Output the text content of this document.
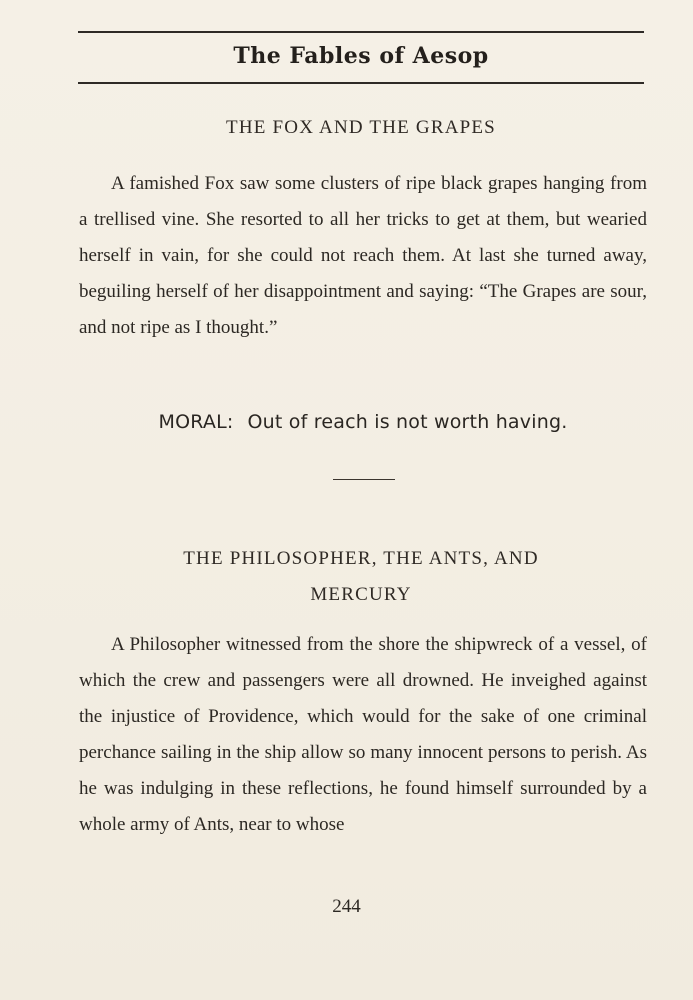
The Fables of Aesop
THE FOX AND THE GRAPES

A famished Fox saw some clusters of ripe black grapes hanging from a trellised vine. She resorted to all her tricks to get at them, but wearied herself in vain, for she could not reach them. At last she turned away, beguiling herself of her disappointment and saying: “The Grapes are sour, and not ripe as I thought.”

MORAL: Out of reach is not worth having.
THE PHILOSOPHER, THE ANTS, AND MERCURY

A Philosopher witnessed from the shore the shipwreck of a vessel, of which the crew and passengers were all drowned. He inveighed against the injustice of Providence, which would for the sake of one criminal perchance sailing in the ship allow so many innocent persons to perish. As he was indulging in these reflections, he found himself surrounded by a whole army of Ants, near to whose

244
